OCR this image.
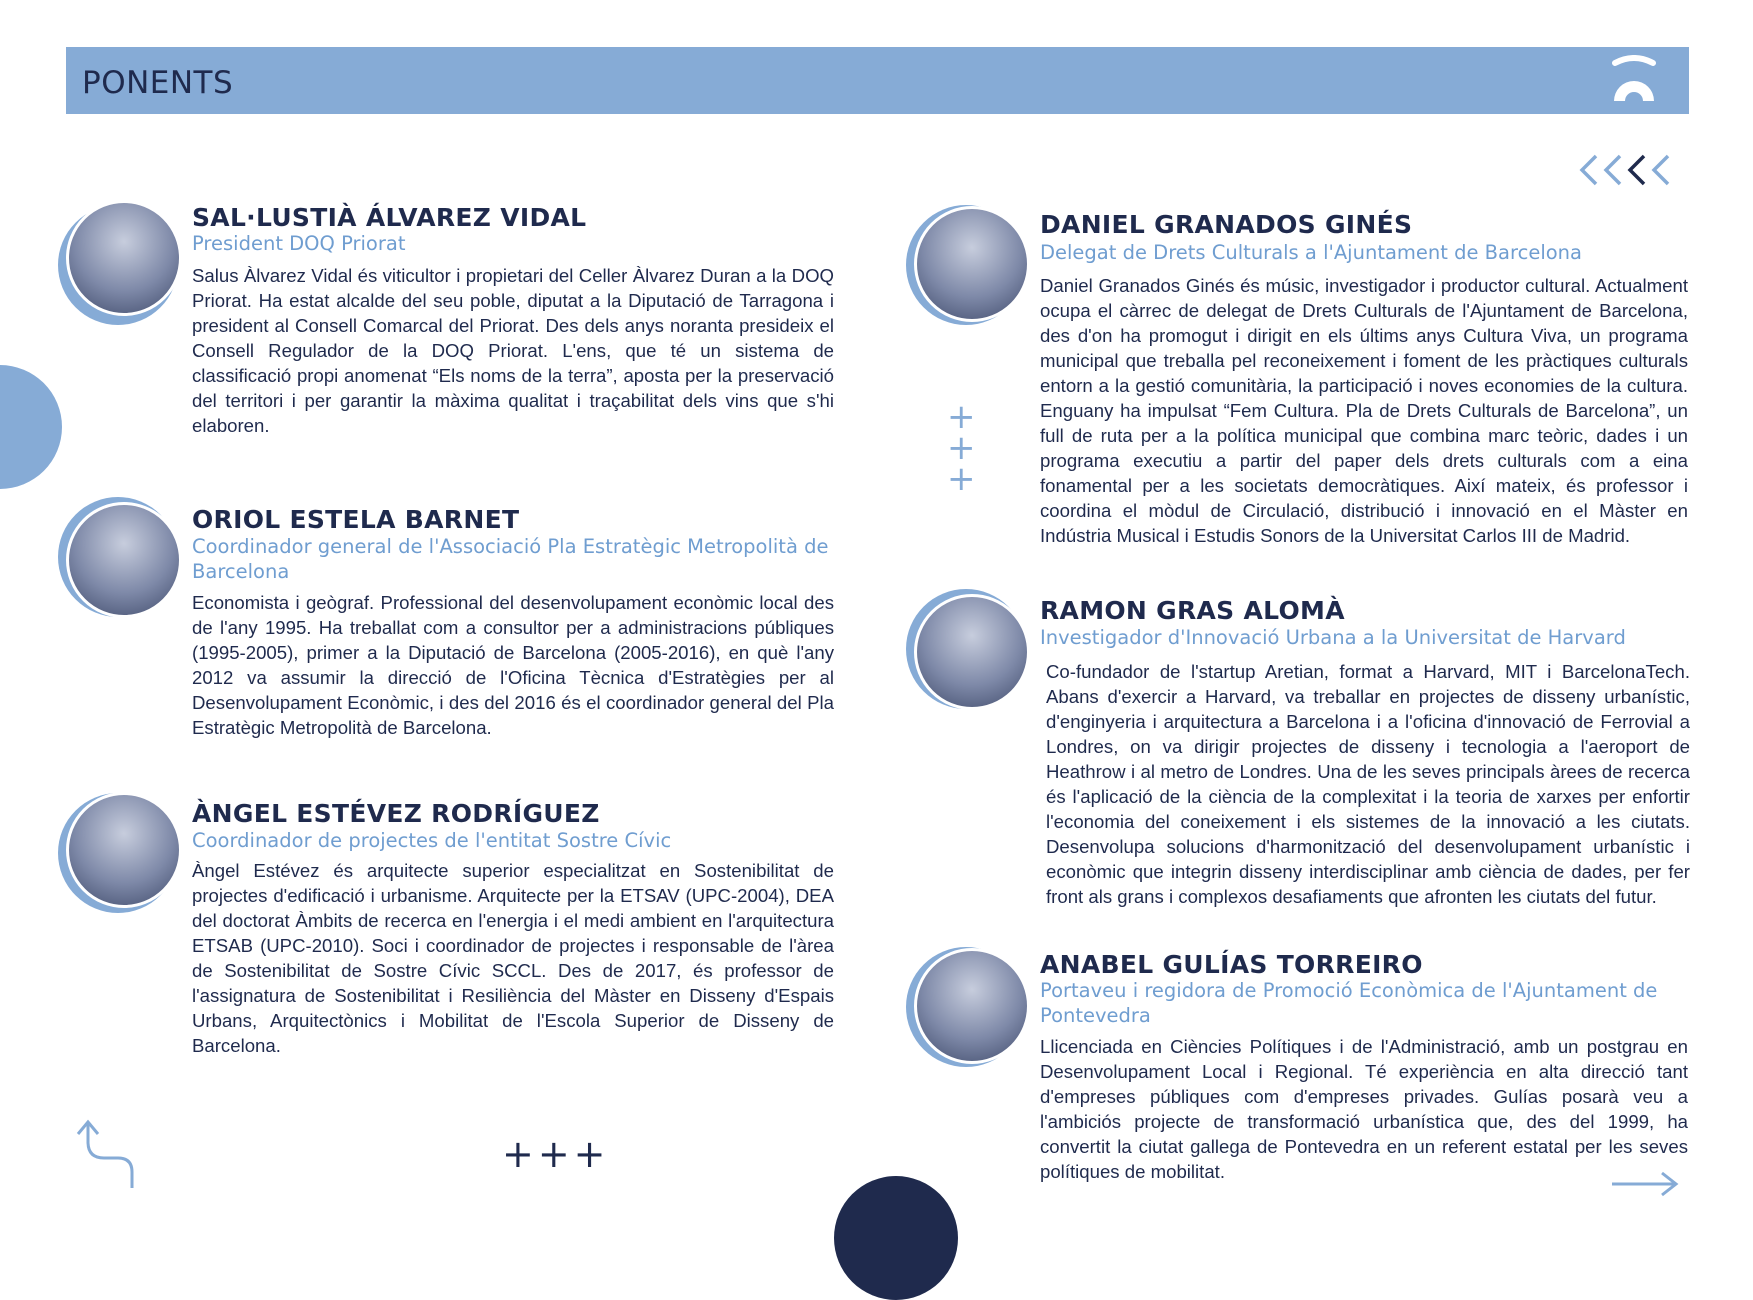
PONENTS
+++
+
+
+
SAL·LUSTIÀ ÁLVAREZ VIDAL
President DOQ Priorat

Salus Àlvarez Vidal és viticultor i propietari del Celler Àlvarez Duran a la DOQ Priorat. Ha estat alcalde del seu poble, diputat a la Diputació de Tarragona i president al Consell Comarcal del Priorat. Des dels anys noranta presideix el Consell Regulador de la DOQ Priorat. L'ens, que té un sistema de classificació propi anomenat “Els noms de la terra”, aposta per la preservació del territori i per garantir la màxima qualitat i traçabilitat dels vins que s'hi elaboren.

ORIOL ESTELA BARNET
Coordinador general de l'Associació Pla Estratègic Metropolità de Barcelona

Economista i geògraf. Professional del desenvolupament econòmic local des de l'any 1995. Ha treballat com a consultor per a administracions públiques (1995-2005), primer a la Diputació de Barcelona (2005-2016), en què l'any 2012 va assumir la direcció de l'Oficina Tècnica d'Estratègies per al Desenvolupament Econòmic, i des del 2016 és el coordinador general del Pla Estratègic Metropolità de Barcelona.

ÀNGEL ESTÉVEZ RODRÍGUEZ
Coordinador de projectes de l'entitat Sostre Cívic

Àngel Estévez és arquitecte superior especialitzat en Sostenibilitat de projectes d'edificació i urbanisme. Arquitecte per la ETSAV (UPC-2004), DEA del doctorat Àmbits de recerca en l'energia i el medi ambient en l'arquitectura ETSAB (UPC-2010). Soci i coordinador de projectes i responsable de l'àrea de Sostenibilitat de Sostre Cívic SCCL. Des de 2017, és professor de l'assignatura de Sostenibilitat i Resiliència del Màster en Disseny d'Espais Urbans, Arquitectònics i Mobilitat de l'Escola Superior de Disseny de Barcelona.

DANIEL GRANADOS GINÉS
Delegat de Drets Culturals a l'Ajuntament de Barcelona

Daniel Granados Ginés és músic, investigador i productor cultural. Actualment ocupa el càrrec de delegat de Drets Culturals de l'Ajuntament de Barcelona, des d'on ha promogut i dirigit en els últims anys Cultura Viva, un programa municipal que treballa pel reconeixement i foment de les pràctiques culturals entorn a la gestió comunitària, la participació i noves economies de la cultura. Enguany ha impulsat “Fem Cultura. Pla de Drets Culturals de Barcelona”, un full de ruta per a la política municipal que combina marc teòric, dades i un programa executiu a partir del paper dels drets culturals com a eina fonamental per a les societats democràtiques. Així mateix, és professor i coordina el mòdul de Circulació, distribució i innovació en el Màster en Indústria Musical i Estudis Sonors de la Universitat Carlos III de Madrid.

RAMON GRAS ALOMÀ
Investigador d'Innovació Urbana a la Universitat de Harvard

Co-fundador de l'startup Aretian, format a Harvard, MIT i BarcelonaTech. Abans d'exercir a Harvard, va treballar en projectes de disseny urbanístic, d'enginyeria i arquitectura a Barcelona i a l'oficina d'innovació de Ferrovial a Londres, on va dirigir projectes de disseny i tecnologia a l'aeroport de Heathrow i al metro de Londres. Una de les seves principals àrees de recerca és l'aplicació de la ciència de la complexitat i la teoria de xarxes per enfortir l'economia del coneixement i els sistemes de la innovació a les ciutats. Desenvolupa solucions d'harmonització del desenvolupament urbanístic i econòmic que integrin disseny interdisciplinar amb ciència de dades, per fer front als grans i complexos desafiaments que afronten les ciutats del futur.

ANABEL GULÍAS TORREIRO
Portaveu i regidora de Promoció Econòmica de l'Ajuntament de Pontevedra

Llicenciada en Ciències Polítiques i de l'Administració, amb un postgrau en Desenvolupament Local i Regional. Té experiència en alta direcció tant d'empreses públiques com d'empreses privades. Gulías posarà veu a l'ambiciós projecte de transformació urbanística que, des del 1999, ha convertit la ciutat gallega de Pontevedra en un referent estatal per les seves polítiques de mobilitat.
